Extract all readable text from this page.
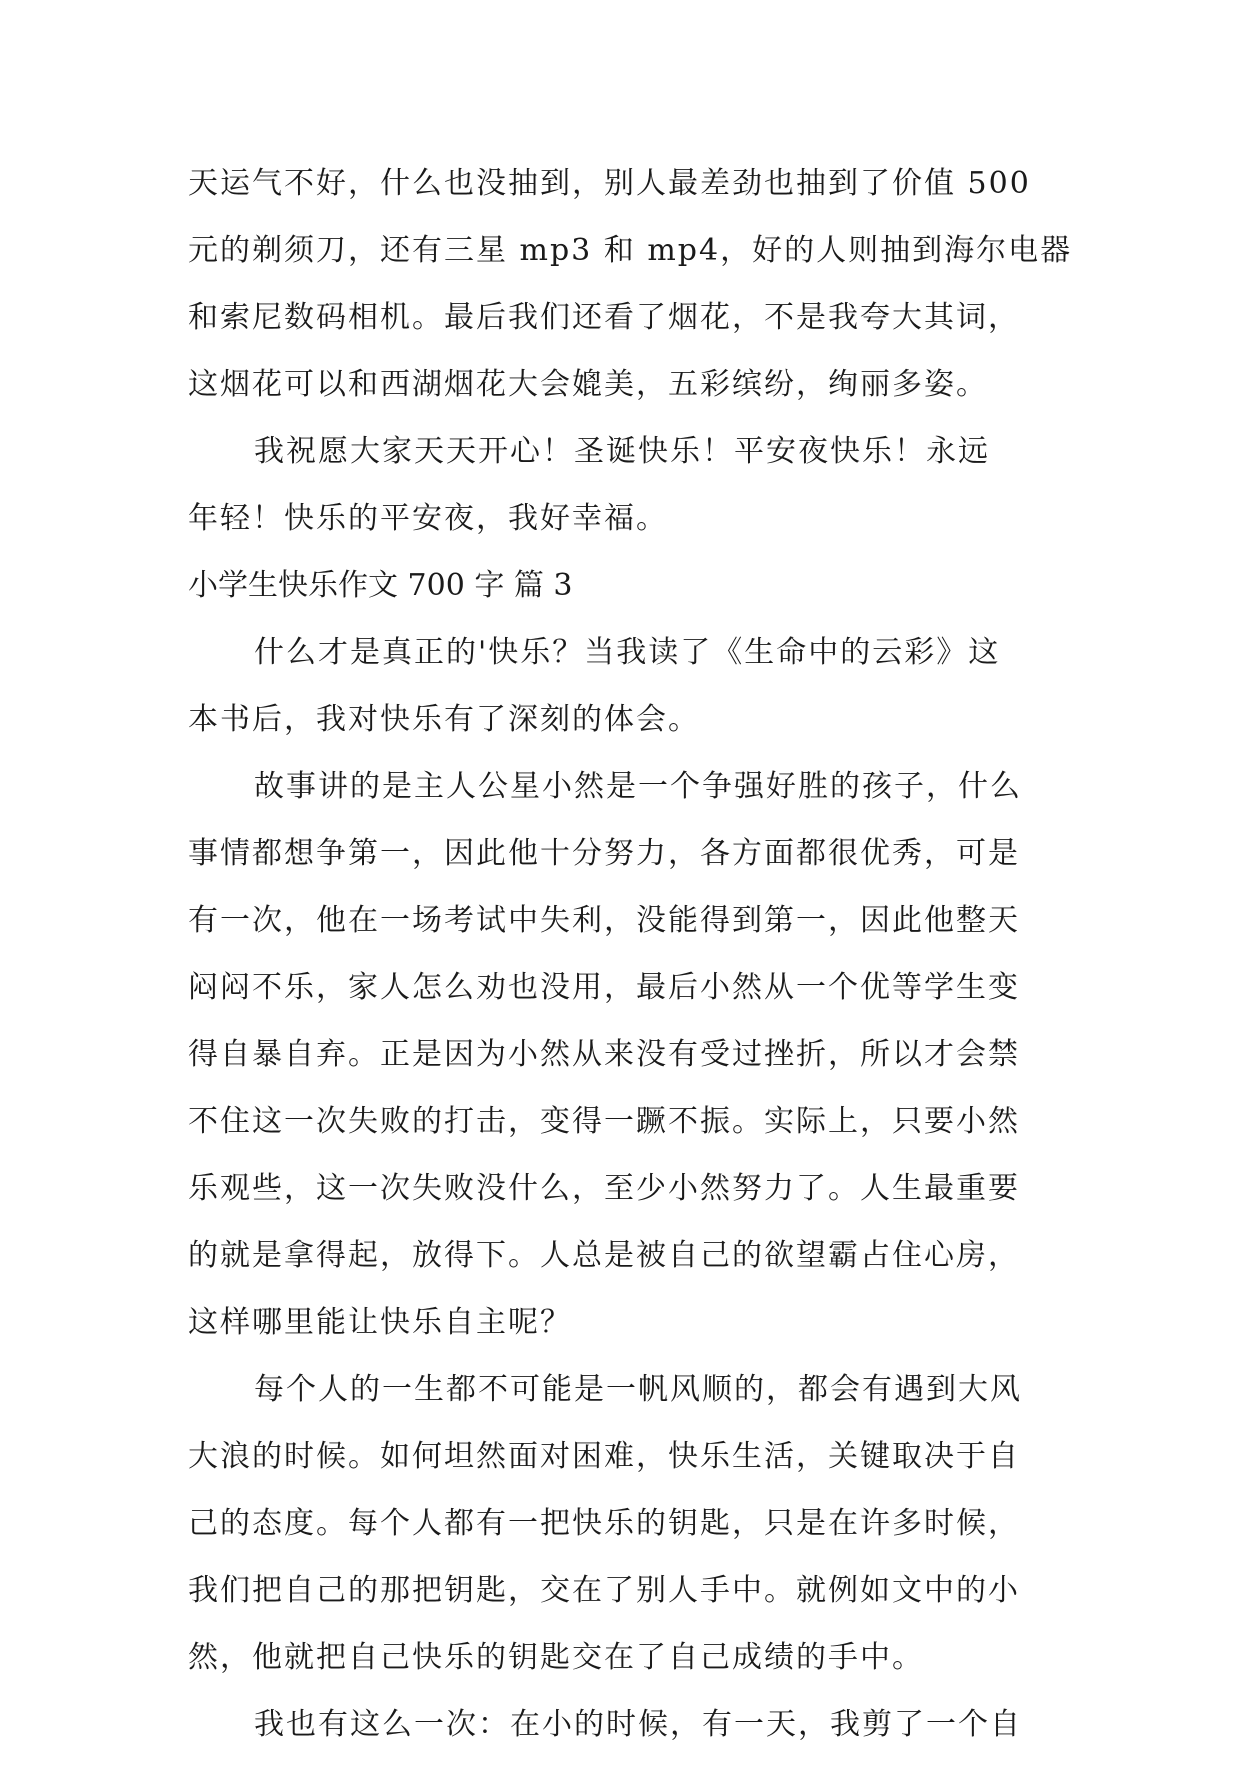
天运气不好，什么也没抽到，别人最差劲也抽到了价值 500
元的剃须刀，还有三星 mp3 和 mp4，好的人则抽到海尔电器
和索尼数码相机。最后我们还看了烟花，不是我夸大其词，
这烟花可以和西湖烟花大会媲美，五彩缤纷，绚丽多姿。
我祝愿大家天天开心！圣诞快乐！平安夜快乐！永远
年轻！快乐的平安夜，我好幸福。
小学生快乐作文 700 字 篇 3
什么才是真正的'快乐？当我读了《生命中的云彩》这
本书后，我对快乐有了深刻的体会。
故事讲的是主人公星小然是一个争强好胜的孩子，什么
事情都想争第一，因此他十分努力，各方面都很优秀，可是
有一次，他在一场考试中失利，没能得到第一，因此他整天
闷闷不乐，家人怎么劝也没用，最后小然从一个优等学生变
得自暴自弃。正是因为小然从来没有受过挫折，所以才会禁
不住这一次失败的打击，变得一蹶不振。实际上，只要小然
乐观些，这一次失败没什么，至少小然努力了。人生最重要
的就是拿得起，放得下。人总是被自己的欲望霸占住心房，
这样哪里能让快乐自主呢？
每个人的一生都不可能是一帆风顺的，都会有遇到大风
大浪的时候。如何坦然面对困难，快乐生活，关键取决于自
己的态度。每个人都有一把快乐的钥匙，只是在许多时候，
我们把自己的那把钥匙，交在了别人手中。就例如文中的小
然，他就把自己快乐的钥匙交在了自己成绩的手中。
我也有这么一次：在小的时候，有一天，我剪了一个自
